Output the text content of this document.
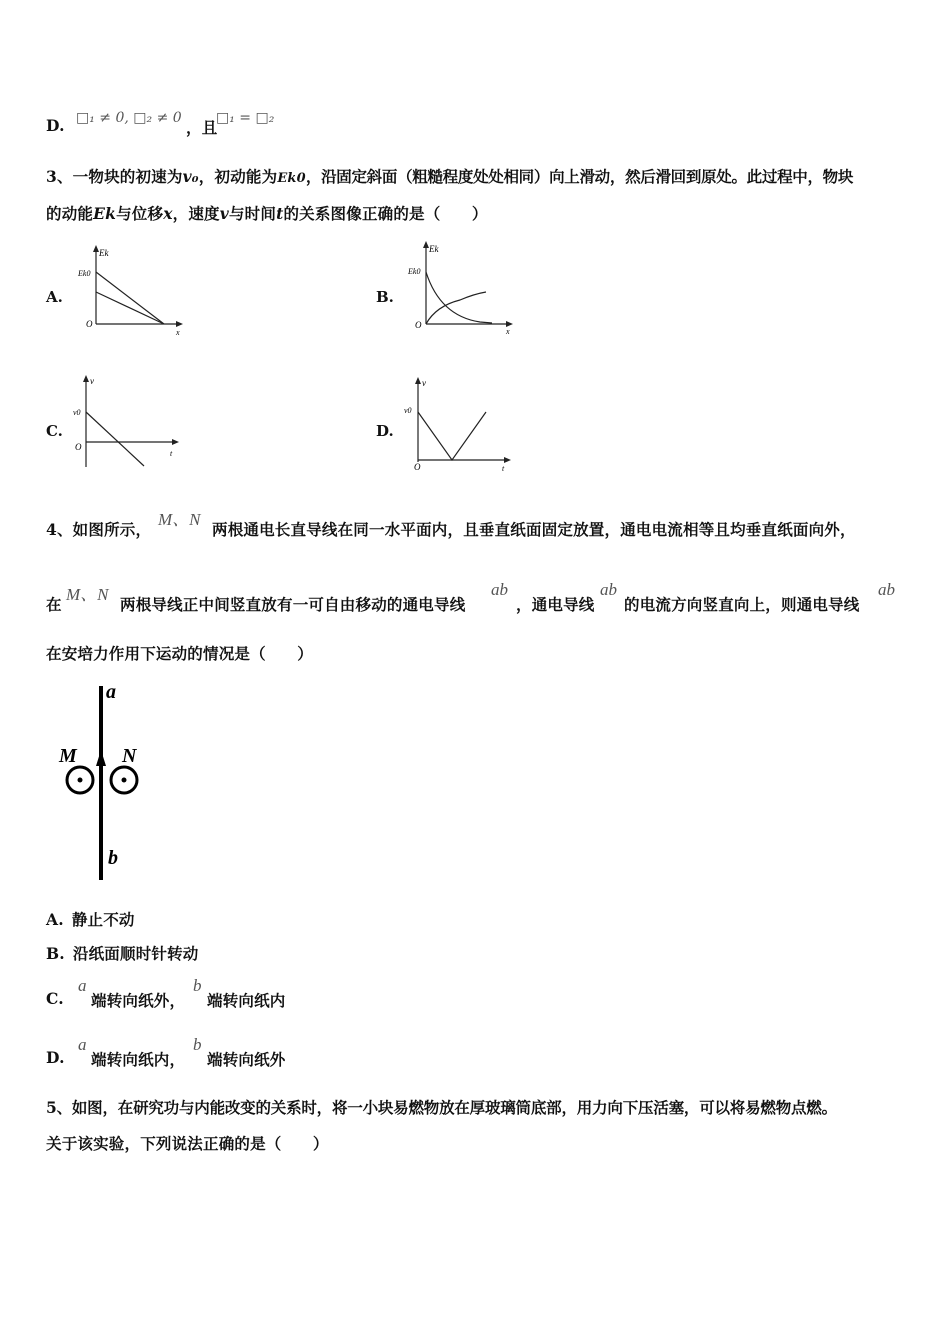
D. □₁ ≠ 0, □₂ ≠ 0 ，且
□₁ = □₂
3、一物块的初速为v₀，初动能为Ek0，沿固定斜面（粗糙程度处处相同）向上滑动，然后滑回到原处。此过程中，物块
的动能Ek与位移x，速度v与时间t的关系图像正确的是（　　）
A.
Ek
Ek0
O
x
B.
Ek
Ek0
O
x
C.
v
v0
O
t
D.
v
v0
O	t
4、如图所示，
M、N
两根通电长直导线在同一水平面内，且垂直纸面固定放置，通电电流相等且均垂直纸面向外，
在
M、N
两根导线正中间竖直放有一可自由移动的通电导线
ab
，通电导线
ab
的电流方向竖直向上，则通电导线
ab
在安培力作用下运动的情况是（　　）
a
b
M N
A. 静止不动
B. 沿纸面顺时针转动
C.
a
端转向纸外，
b
端转向纸内
D.
a
端转向纸内，
b
端转向纸外
5、如图，在研究功与内能改变的关系时，将一小块易燃物放在厚玻璃筒底部，用力向下压活塞，可以将易燃物点燃。
关于该实验，下列说法正确的是（　　）
